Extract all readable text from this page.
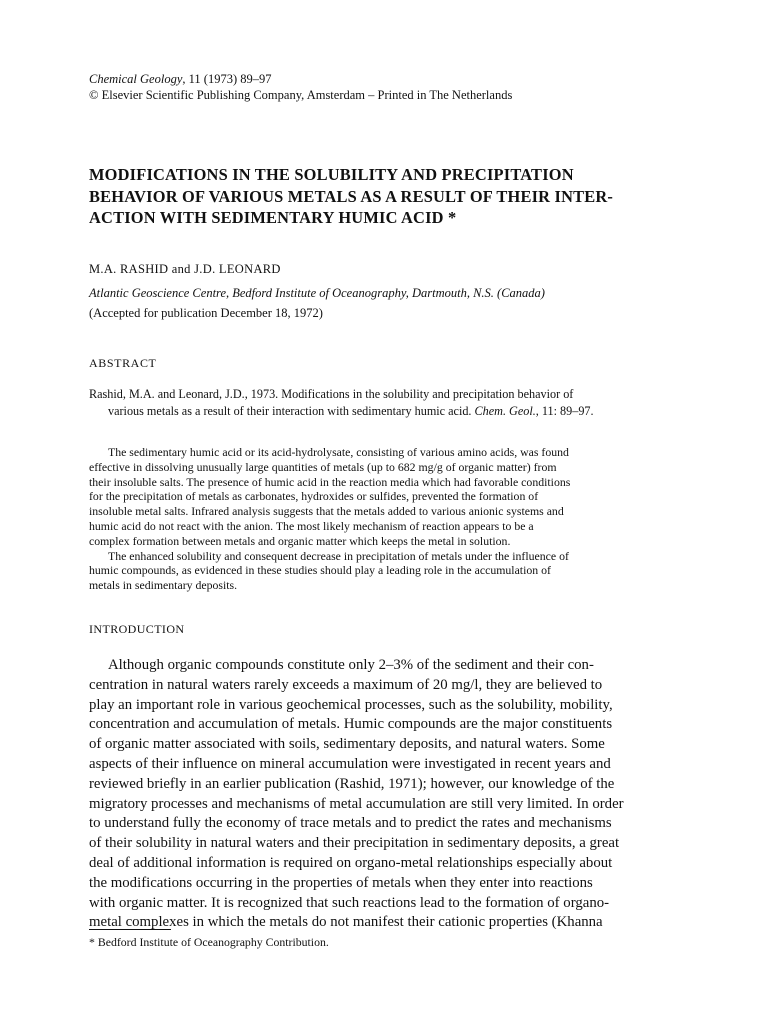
Chemical Geology, 11 (1973) 89–97
© Elsevier Scientific Publishing Company, Amsterdam – Printed in The Netherlands
MODIFICATIONS IN THE SOLUBILITY AND PRECIPITATION
BEHAVIOR OF VARIOUS METALS AS A RESULT OF THEIR INTER-
ACTION WITH SEDIMENTARY HUMIC ACID *
M.A. RASHID and J.D. LEONARD
Atlantic Geoscience Centre, Bedford Institute of Oceanography, Dartmouth, N.S. (Canada)
(Accepted for publication December 18, 1972)
ABSTRACT
Rashid, M.A. and Leonard, J.D., 1973. Modifications in the solubility and precipitation behavior of
various metals as a result of their interaction with sedimentary humic acid. Chem. Geol., 11: 89–97.
The sedimentary humic acid or its acid-hydrolysate, consisting of various amino acids, was found
effective in dissolving unusually large quantities of metals (up to 682 mg/g of organic matter) from
their insoluble salts. The presence of humic acid in the reaction media which had favorable conditions
for the precipitation of metals as carbonates, hydroxides or sulfides, prevented the formation of
insoluble metal salts. Infrared analysis suggests that the metals added to various anionic systems and
humic acid do not react with the anion. The most likely mechanism of reaction appears to be a
complex formation between metals and organic matter which keeps the metal in solution.
The enhanced solubility and consequent decrease in precipitation of metals under the influence of
humic compounds, as evidenced in these studies should play a leading role in the accumulation of
metals in sedimentary deposits.
INTRODUCTION
Although organic compounds constitute only 2–3% of the sediment and their con-
centration in natural waters rarely exceeds a maximum of 20 mg/l, they are believed to
play an important role in various geochemical processes, such as the solubility, mobility,
concentration and accumulation of metals. Humic compounds are the major constituents
of organic matter associated with soils, sedimentary deposits, and natural waters. Some
aspects of their influence on mineral accumulation were investigated in recent years and
reviewed briefly in an earlier publication (Rashid, 1971); however, our knowledge of the
migratory processes and mechanisms of metal accumulation are still very limited. In order
to understand fully the economy of trace metals and to predict the rates and mechanisms
of their solubility in natural waters and their precipitation in sedimentary deposits, a great
deal of additional information is required on organo-metal relationships especially about
the modifications occurring in the properties of metals when they enter into reactions
with organic matter. It is recognized that such reactions lead to the formation of organo-
metal complexes in which the metals do not manifest their cationic properties (Khanna
* Bedford Institute of Oceanography Contribution.
